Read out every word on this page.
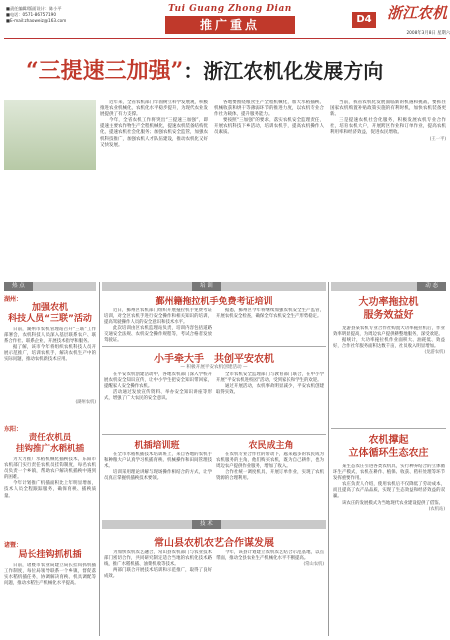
■责任编辑/版面设计：陈小平
■电话：0571-86757190
■E-mail:zhaoweiz@163.com
Tui Guang Zhong Dian
推广重点	D4 浙江农机
2008年3月8日 星期六
“三提速三加强”：浙江农机化发展方向

近年来，全省农机部门牢固树立科学发展观，积极推进农业机械化，农机化水平稳步提升，为现代农业发展提供了有力支撑。

今年，全省农机工作将突出“三提速三加强”，即提速主要农作物生产全程机械化，提速农机装备结构优化，提速农机社会化服务；加强农机安全监管，加强农机科技推广，加强农机人才队伍建设，推动农机化又好又快发展。

各地要围绕粮食生产全程机械化，加大水稻插秧、机械收获和烘干等薄弱环节的推进力度，以农机专业合作社为载体，提升服务能力。

要按照“三加强”的要求，落实农机安全监理责任，开展农机科技下乡活动，培训农机手，提高农机操作人员素质。

当前，我省农机化发展面临新的机遇和挑战，要抓住国家农机购置补贴政策实施的有利时机，加快农机装备更新。

三是提速农机社会化服务，积极发展农机专业合作社，培育农机大户，开展跨区作业和订单作业，提高农机利用率和经济效益，促进农民增收。

(王一平)
热 点
湖州：
加强农机
科技人员“三联”活动

日前，湖州市农机管理站召开“三联”工作部署会，农机科技人员深入基层联系农户、联系合作社、联系企业，开展技术指导和服务。

据了解，该市今年将组织农机科技人员开展示范推广，培训农机手，解决农机生产中的实际问题，推动农机新技术应用。

(湖州农机)
东阳：
责任农机员
挂钩推广水稻机插

为大力推广水稻机械化插秧技术，东阳市农机部门实行责任农机员挂钩制度，每名农机员负责一个乡镇，帮助农户解决机插秧中遇到的困难。

今年计划推广机插面积比上年明显增加，技术人员全程跟踪服务，确保育秧、插秧质量。

诸暨：
局长挂钩抓机插

日前，诸暨市农业局建立局长挂钩抓机插工作制度，每位局领导联系一个乡镇，督促落实水稻机插任务，协调解决育秧、机具调配等问题，推动水稻生产机械化水平提高。

培 训
鄞州籍拖拉机手免费考证培训

近日，鄞州区农机部门组织开展拖拉机手免费考证培训，对全区农机手进行安全操作和相关知识的培训，提高驾驶操作人员的安全意识和技术水平。

此次培训由区农机监理站负责，培训内容包括道路交通安全法规、农机安全操作规程等，考试合格者发放驾驶证。

据悉，鄞州区今年将继续加强农机安全生产监管，开展农机安全检查，确保全年农机安全生产形势稳定。

小手牵大手　共创平安农机
— 积极开展平安农机创建活动 —

在平安农机创建活动中，各地农机部门深入学校开展农机安全知识宣传，让中小学生把安全知识带回家，提醒家人安全操作农机。

活动通过发放宣传资料、举办安全知识讲座等形式，增强了广大农民的安全意识。

全市农机安全监理部门与教育部门联合，在中小学开展“平安农机进校园”活动，受到家长和学生的欢迎。

通过开展活动，农机事故明显减少，平安农机创建取得实效。

机插培训班

在全市水稻机插技术培训班上，来自各地的农机手和种粮大户认真学习机插育秧、机械操作和田间管理技术。

培训采用理论讲解与现场操作相结合的方式，让学员真正掌握机插秧技术要领。

农民成主角

在农机专业合作社的带动下，越来越多的农民成为农机服务的主角，他们购买农机，既为自己耕作，也为周边农户提供作业服务，增加了收入。

合作社统一调度机具，开展订单作业，实现了农机资源的合理利用。

技 术
常山县农机农艺合作谋发展

为加快农机农艺融合，常山县农机部门与农业技术部门密切合作，共同研究制定适合当地的农机化技术路线，推广水稻机插、油菜机收等技术。

两部门联合开展技术培训和示范推广，取得了良好成效。

今年，该县计划建立农机农艺结合示范基地，以点带面，推动全县农业生产机械化水平不断提高。

(常山农机)
动 态
大功率拖拉机
服务效益好

龙游县某农机专业合作社购置大功率拖拉机后，作业效率明显提高，为周边农户提供耕整地服务，深受欢迎。

据统计，大功率拖拉机作业面积大、油耗低、效益好，合作社年服务面积达数千亩，社员收入明显增加。

(龙游农机)
农机撑起
立体循环生态农庄

某生态农庄引进各类农机具，实行种养结合的立体循环生产模式，农机在耕作、植保、收获、秸秆处理等环节发挥重要作用。

农庄负责人介绍，使用农机后不仅降低了劳动成本，而且提高了农产品品质，实现了生态效益和经济效益的双赢。

该农庄的发展模式为当地现代农业建设提供了借鉴。

(农机站)
